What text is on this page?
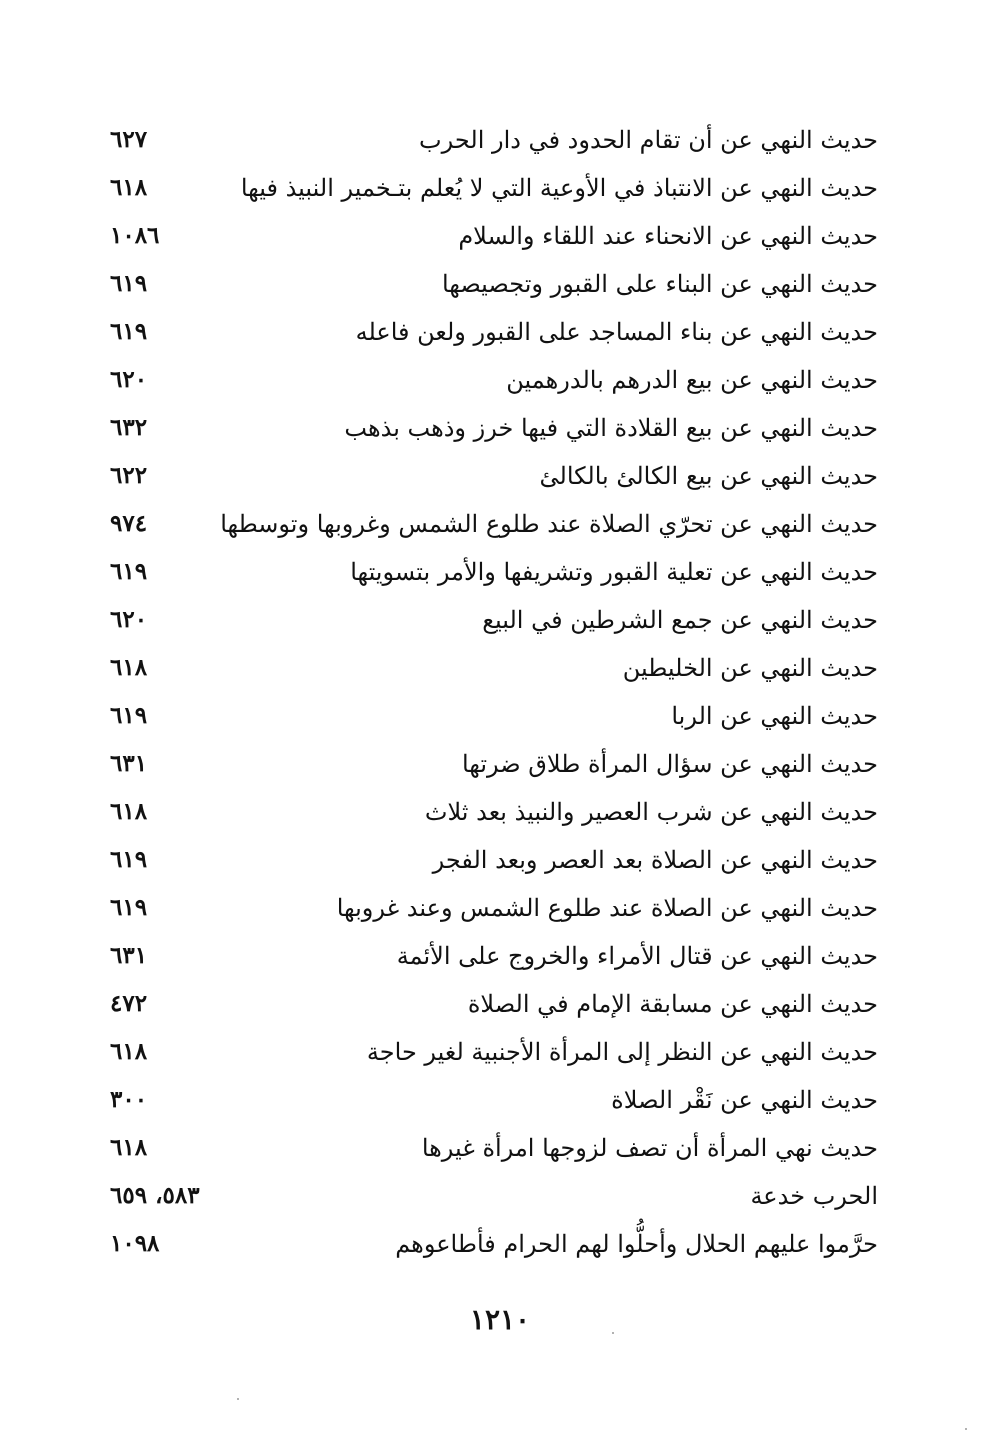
حديث النهي عن أن تقام الحدود في دار الحرب
٦٢٧
حديث النهي عن الانتباذ في الأوعية التي لا يُعلم بتـخمير النبيذ فيها
٦١٨
حديث النهي عن الانحناء عند اللقاء والسلام
١٠٨٦
حديث النهي عن البناء على القبور وتجصيصها
٦١٩
حديث النهي عن بناء المساجد على القبور ولعن فاعله
٦١٩
حديث النهي عن بيع الدرهم بالدرهمين
٦٢٠
حديث النهي عن بيع القلادة التي فيها خرز وذهب بذهب
٦٣٢
حديث النهي عن بيع الكالئ بالكالئ
٦٢٢
حديث النهي عن تحرّي الصلاة عند طلوع الشمس وغروبها وتوسطها
٩٧٤
حديث النهي عن تعلية القبور وتشريفها والأمر بتسويتها
٦١٩
حديث النهي عن جمع الشرطين في البيع
٦٢٠
حديث النهي عن الخليطين
٦١٨
حديث النهي عن الربا
٦١٩
حديث النهي عن سؤال المرأة طلاق ضرتها
٦٣١
حديث النهي عن شرب العصير والنبيذ بعد ثلاث
٦١٨
حديث النهي عن الصلاة بعد العصر وبعد الفجر
٦١٩
حديث النهي عن الصلاة عند طلوع الشمس وعند غروبها
٦١٩
حديث النهي عن قتال الأمراء والخروج على الأئمة
٦٣١
حديث النهي عن مسابقة الإمام في الصلاة
٤٧٢
حديث النهي عن النظر إلى المرأة الأجنبية لغير حاجة
٦١٨
حديث النهي عن نَقْر الصلاة
٣٠٠
حديث نهي المرأة أن تصف لزوجها امرأة غيرها
٦١٨
الحرب خدعة
٥٨٣، ٦٥٩
حرَّموا عليهم الحلال وأحلُّوا لهم الحرام فأطاعوهم
١٠٩٨
١٢١٠
